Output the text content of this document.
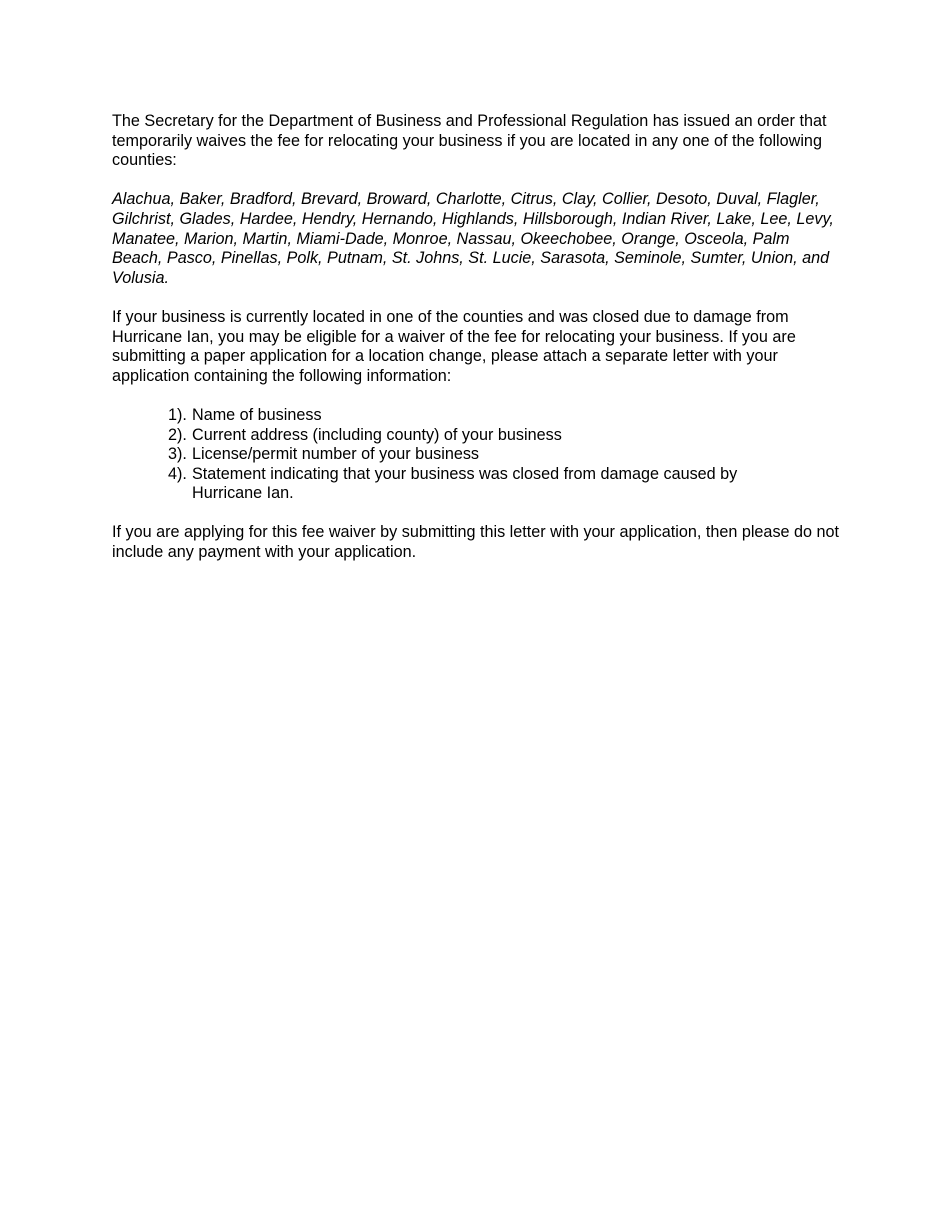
The Secretary for the Department of Business and Professional Regulation has issued an order that temporarily waives the fee for relocating your business if you are located in any one of the following counties:

Alachua, Baker, Bradford, Brevard, Broward, Charlotte, Citrus, Clay, Collier, Desoto, Duval, Flagler, Gilchrist, Glades, Hardee, Hendry, Hernando, Highlands, Hillsborough, Indian River, Lake, Lee, Levy, Manatee, Marion, Martin, Miami-Dade, Monroe, Nassau, Okeechobee, Orange, Osceola, Palm Beach, Pasco, Pinellas, Polk, Putnam, St. Johns, St. Lucie, Sarasota, Seminole, Sumter, Union, and Volusia.

If your business is currently located in one of the counties and was closed due to damage from Hurricane Ian, you may be eligible for a waiver of the fee for relocating your business. If you are submitting a paper application for a location change, please attach a separate letter with your application containing the following information:

1). Name of business
2). Current address (including county) of your business
3). License/permit number of your business
4). Statement indicating that your business was closed from damage caused by Hurricane Ian.

If you are applying for this fee waiver by submitting this letter with your application, then please do not include any payment with your application.
